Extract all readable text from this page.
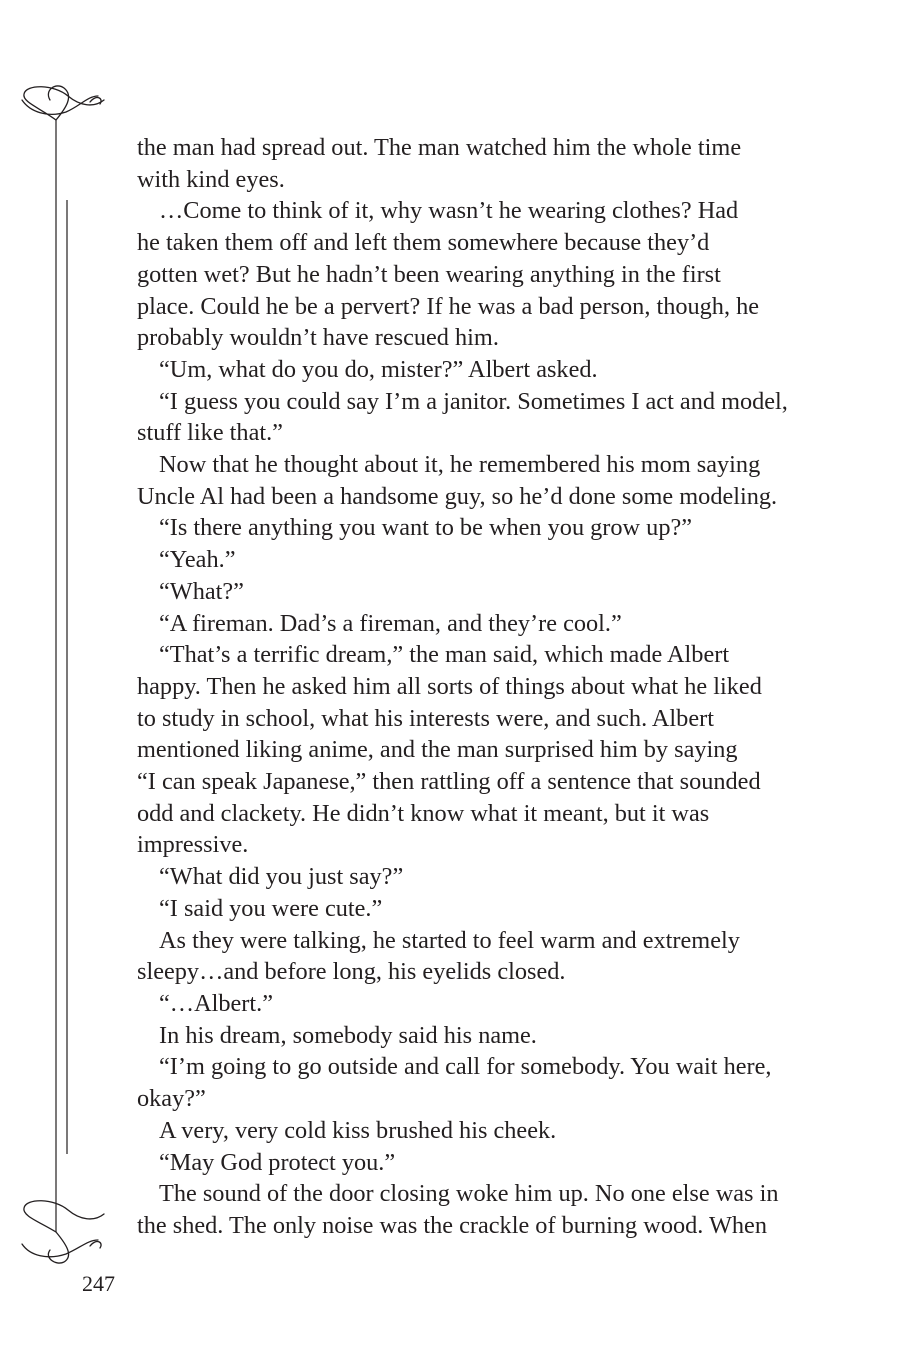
the man had spread out. The man watched him the whole time
with kind eyes.
…Come to think of it, why wasn’t he wearing clothes? Had
he taken them off and left them somewhere because they’d
gotten wet? But he hadn’t been wearing anything in the first
place. Could he be a pervert? If he was a bad person, though, he
probably wouldn’t have rescued him.
“Um, what do you do, mister?” Albert asked.
“I guess you could say I’m a janitor. Sometimes I act and model,
stuff like that.”
Now that he thought about it, he remembered his mom saying
Uncle Al had been a handsome guy, so he’d done some modeling.
“Is there anything you want to be when you grow up?”
“Yeah.”
“What?”
“A fireman. Dad’s a fireman, and they’re cool.”
“That’s a terrific dream,” the man said, which made Albert
happy. Then he asked him all sorts of things about what he liked
to study in school, what his interests were, and such. Albert
mentioned liking anime, and the man surprised him by saying
“I can speak Japanese,” then rattling off a sentence that sounded
odd and clackety. He didn’t know what it meant, but it was
impressive.
“What did you just say?”
“I said you were cute.”
As they were talking, he started to feel warm and extremely
sleepy…and before long, his eyelids closed.
“…Albert.”
In his dream, somebody said his name.
“I’m going to go outside and call for somebody. You wait here,
okay?”
A very, very cold kiss brushed his cheek.
“May God protect you.”
The sound of the door closing woke him up. No one else was in
the shed. The only noise was the crackle of burning wood. When
247
